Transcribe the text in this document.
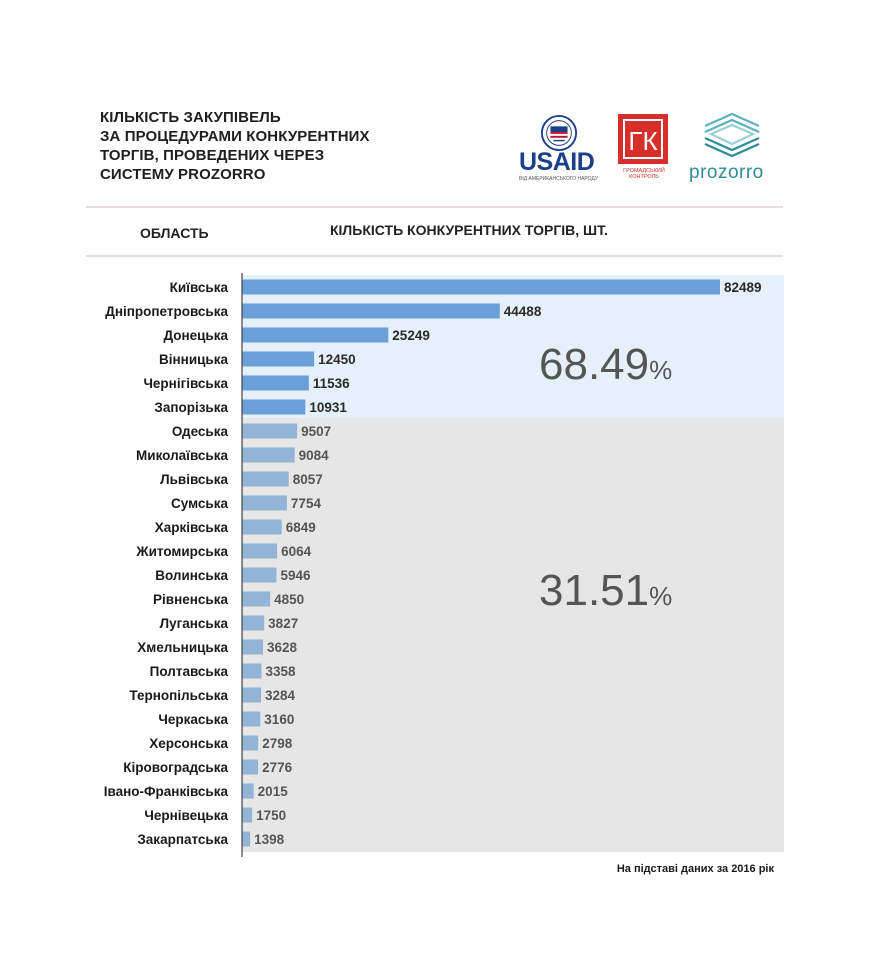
КІЛЬКІСТЬ ЗАКУПІВЕЛЬ
ЗА ПРОЦЕДУРАМИ КОНКУРЕНТНИХ
ТОРГІВ, ПРОВЕДЕНИХ ЧЕРЕЗ
СИСТЕМУ PROZORRO	USAID
ВІД АМЕРИКАНСЬКОГО НАРОДУ
ГК
ГРОМАДСЬКИЙ КОНТРОЛЬ	prozorro
ОБЛАСТЬ	КІЛЬКІСТЬ КОНКУРЕНТНИХ ТОРГІВ, ШТ.
Київська	82489
Дніпропетровська	44488
Донецька	25249
Вінницька	12450
Чернігівська	11536
Запорізька	10931
Одеська	9507
Миколаївська	9084
Львівська	8057
Сумська	7754
Харківська	6849
Житомирська	6064
Волинська	5946
Рівненська	4850
Луганська	3827
Хмельницька	3628
Полтавська	3358
Тернопільська	3284
Черкаська	3160
Херсонська	2798
Кіровоградська	2776
Івано-Франківська 2015
Чернівецька 1750
Закарпатська 1398
68.49%
31.51%
На підставі даних за 2016 рік
